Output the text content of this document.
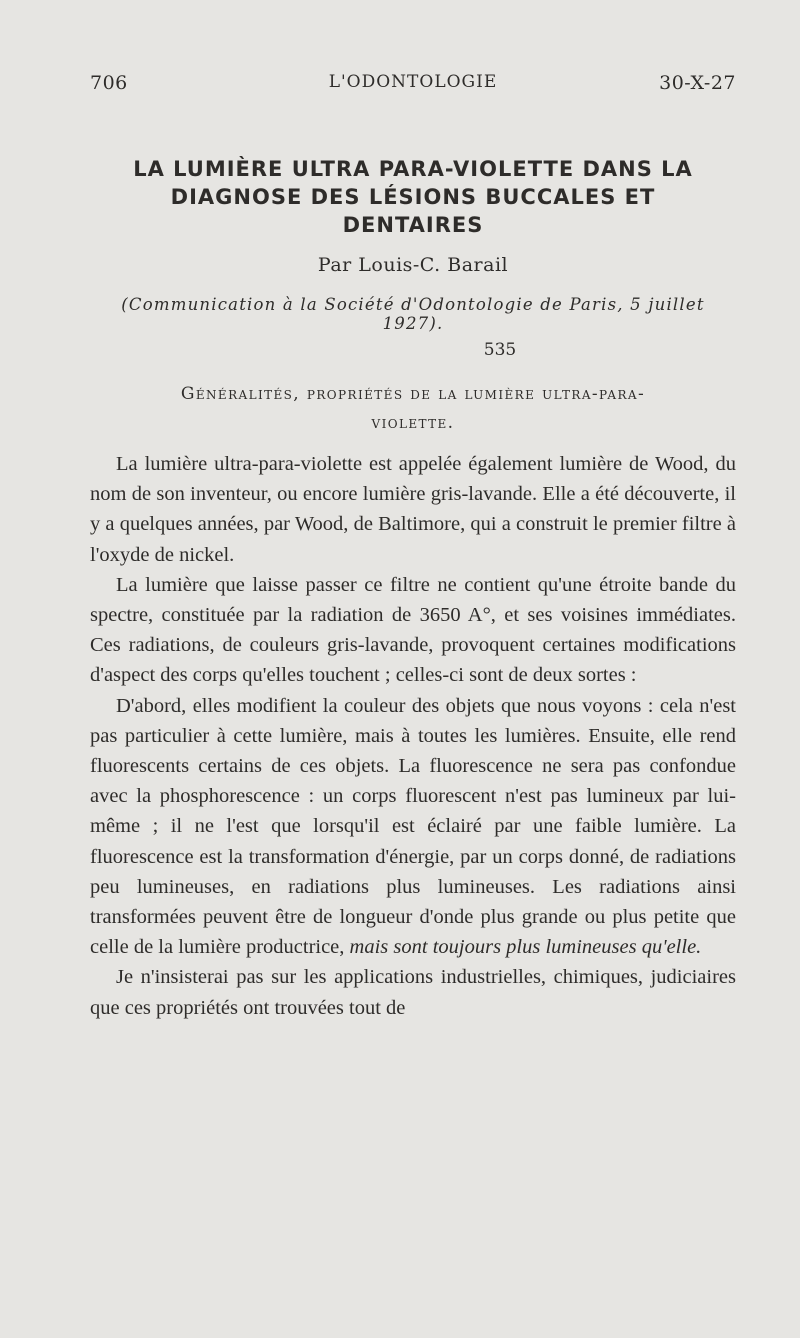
706	L'ODONTOLOGIE	30-X-27
LA LUMIÈRE ULTRA PARA-VIOLETTE DANS LA
DIAGNOSE DES LÉSIONS BUCCALES ET
DENTAIRES
Par Louis-C. Barail
(Communication à la Société d'Odontologie de Paris, 5 juillet 1927).
535
Généralités, propriétés de la lumière ultra-para-
violette.

La lumière ultra-para-violette est appelée également lumière de Wood, du nom de son inventeur, ou encore lumière gris-lavande. Elle a été découverte, il y a quelques années, par Wood, de Baltimore, qui a construit le premier filtre à l'oxyde de nickel.

La lumière que laisse passer ce filtre ne contient qu'une étroite bande du spectre, constituée par la radiation de 3650 A°, et ses voisines immédiates. Ces radiations, de couleurs gris-lavande, provoquent certaines modifications d'aspect des corps qu'elles touchent ; celles-ci sont de deux sortes :

D'abord, elles modifient la couleur des objets que nous voyons : cela n'est pas particulier à cette lumière, mais à toutes les lumières. Ensuite, elle rend fluorescents certains de ces objets. La fluorescence ne sera pas confondue avec la phosphorescence : un corps fluorescent n'est pas lumineux par lui-même ; il ne l'est que lorsqu'il est éclairé par une faible lumière. La fluorescence est la transformation d'énergie, par un corps donné, de radiations peu lumineuses, en radiations plus lumineuses. Les radiations ainsi transformées peuvent être de longueur d'onde plus grande ou plus petite que celle de la lumière productrice, mais sont toujours plus lumineuses qu'elle.

Je n'insisterai pas sur les applications industrielles, chimiques, judiciaires que ces propriétés ont trouvées tout de
